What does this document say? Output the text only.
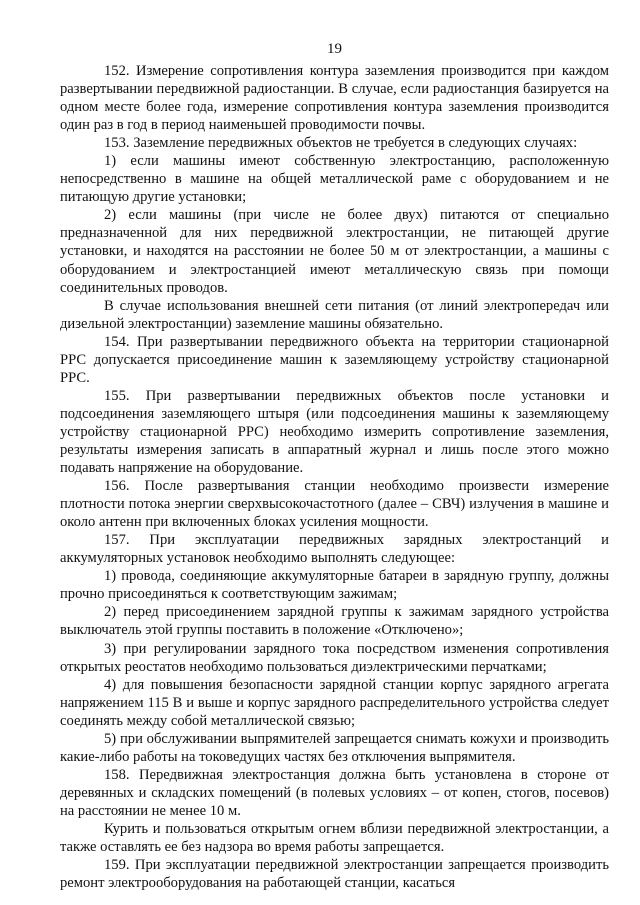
19

152. Измерение сопротивления контура заземления производится при каждом развертывании передвижной радиостанции. В случае, если радиостанция базируется на одном месте более года, измерение сопротивления контура заземления производится один раз в год в период наименьшей проводимости почвы.

153. Заземление передвижных объектов не требуется в следующих случаях:

1) если машины имеют собственную электростанцию, расположенную непосредственно в машине на общей металлической раме с оборудованием и не питающую другие установки;

2) если машины (при числе не более двух) питаются от специально предназначенной для них передвижной электростанции, не питающей другие установки, и находятся на расстоянии не более 50 м от электростанции, а машины с оборудованием и электростанцией имеют металлическую связь при помощи соединительных проводов.

В случае использования внешней сети питания (от линий электропередач или дизельной электростанции) заземление машины обязательно.

154. При развертывании передвижного объекта на территории стационарной РРС допускается присоединение машин к заземляющему устройству стационарной РРС.

155. При развертывании передвижных объектов после установки и подсоединения заземляющего штыря (или подсоединения машины к заземляющему устройству стационарной РРС) необходимо измерить сопротивление заземления, результаты измерения записать в аппаратный журнал и лишь после этого можно подавать напряжение на оборудование.

156. После развертывания станции необходимо произвести измерение плотности потока энергии сверхвысокочастотного (далее – СВЧ) излучения в машине и около антенн при включенных блоках усиления мощности.

157. При эксплуатации передвижных зарядных электростанций и аккумуляторных установок необходимо выполнять следующее:

1) провода, соединяющие аккумуляторные батареи в зарядную группу, должны прочно присоединяться к соответствующим зажимам;

2) перед присоединением зарядной группы к зажимам зарядного устройства выключатель этой группы поставить в положение «Отключено»;

3) при регулировании зарядного тока посредством изменения сопротивления открытых реостатов необходимо пользоваться диэлектрическими перчатками;

4) для повышения безопасности зарядной станции корпус зарядного агрегата напряжением 115 В и выше и корпус зарядного распределительного устройства следует соединять между собой металлической связью;

5) при обслуживании выпрямителей запрещается снимать кожухи и производить какие-либо работы на токоведущих частях без отключения выпрямителя.

158. Передвижная электростанция должна быть установлена в стороне от деревянных и складских помещений (в полевых условиях – от копен, стогов, посевов) на расстоянии не менее 10 м.

Курить и пользоваться открытым огнем вблизи передвижной электростанции, а также оставлять ее без надзора во время работы запрещается.

159. При эксплуатации передвижной электростанции запрещается производить ремонт электрооборудования на работающей станции, касаться
